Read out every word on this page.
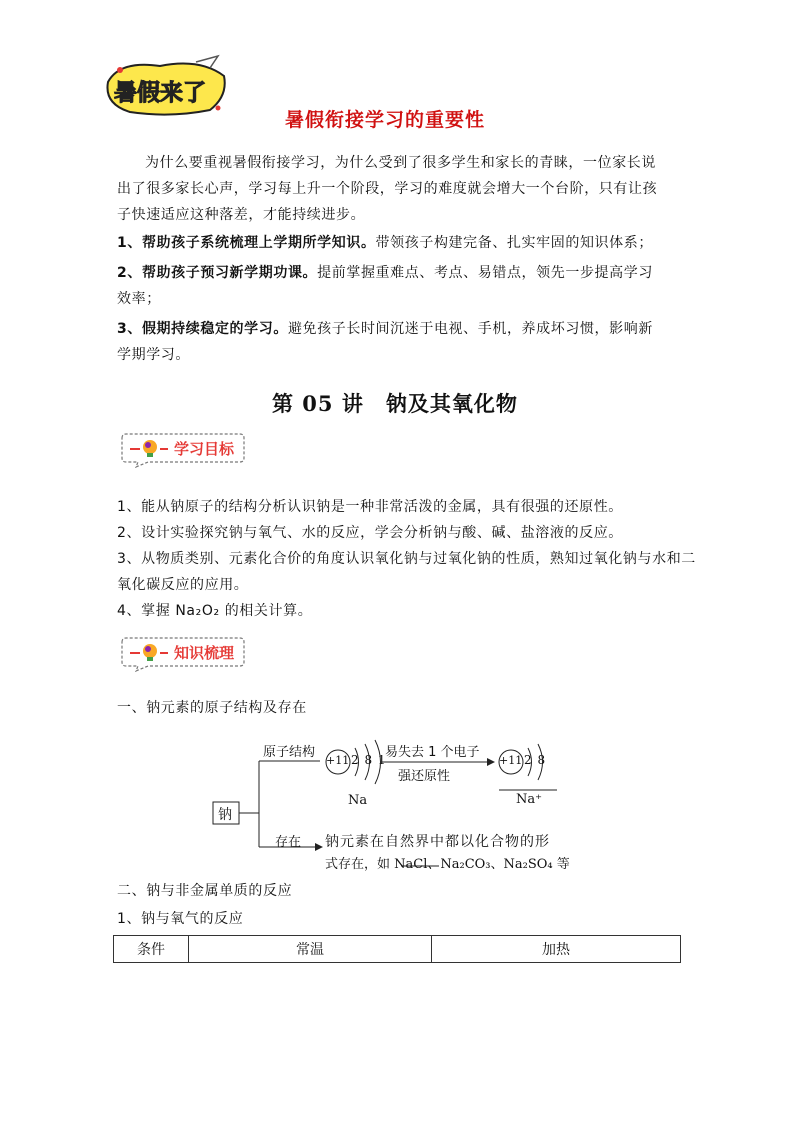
暑假来了
暑假衔接学习的重要性
为什么要重视暑假衔接学习，为什么受到了很多学生和家长的青睐，一位家长说
出了很多家长心声，学习每上升一个阶段，学习的难度就会增大一个台阶，只有让孩
子快速适应这种落差，才能持续进步。
1、帮助孩子系统梳理上学期所学知识。带领孩子构建完备、扎实牢固的知识体系；
2、帮助孩子预习新学期功课。提前掌握重难点、考点、易错点，领先一步提高学习
效率；
3、假期持续稳定的学习。避免孩子长时间沉迷于电视、手机，养成坏习惯，影响新
学期学习。
第 05 讲　钠及其氧化物
学习目标
1、能从钠原子的结构分析认识钠是一种非常活泼的金属，具有很强的还原性。
2、设计实验探究钠与氧气、水的反应，学会分析钠与酸、碱、盐溶液的反应。
3、从物质类别、元素化合价的角度认识氧化钠与过氧化钠的性质，熟知过氧化钠与水和二
氧化碳反应的应用。
4、掌握 Na₂O₂ 的相关计算。
知识梳理
一、钠元素的原子结构及存在
钠
原子结构
存在
+11 2 8 1
Na
易失去 1 个电子
强还原性
+11 2 8
Na⁺
钠元素在自然界中都以化合物的形
式存在，如 NaCl、Na₂CO₃、Na₂SO₄ 等
二、钠与非金属单质的反应
1、钠与氧气的反应
条件	常温	加热
